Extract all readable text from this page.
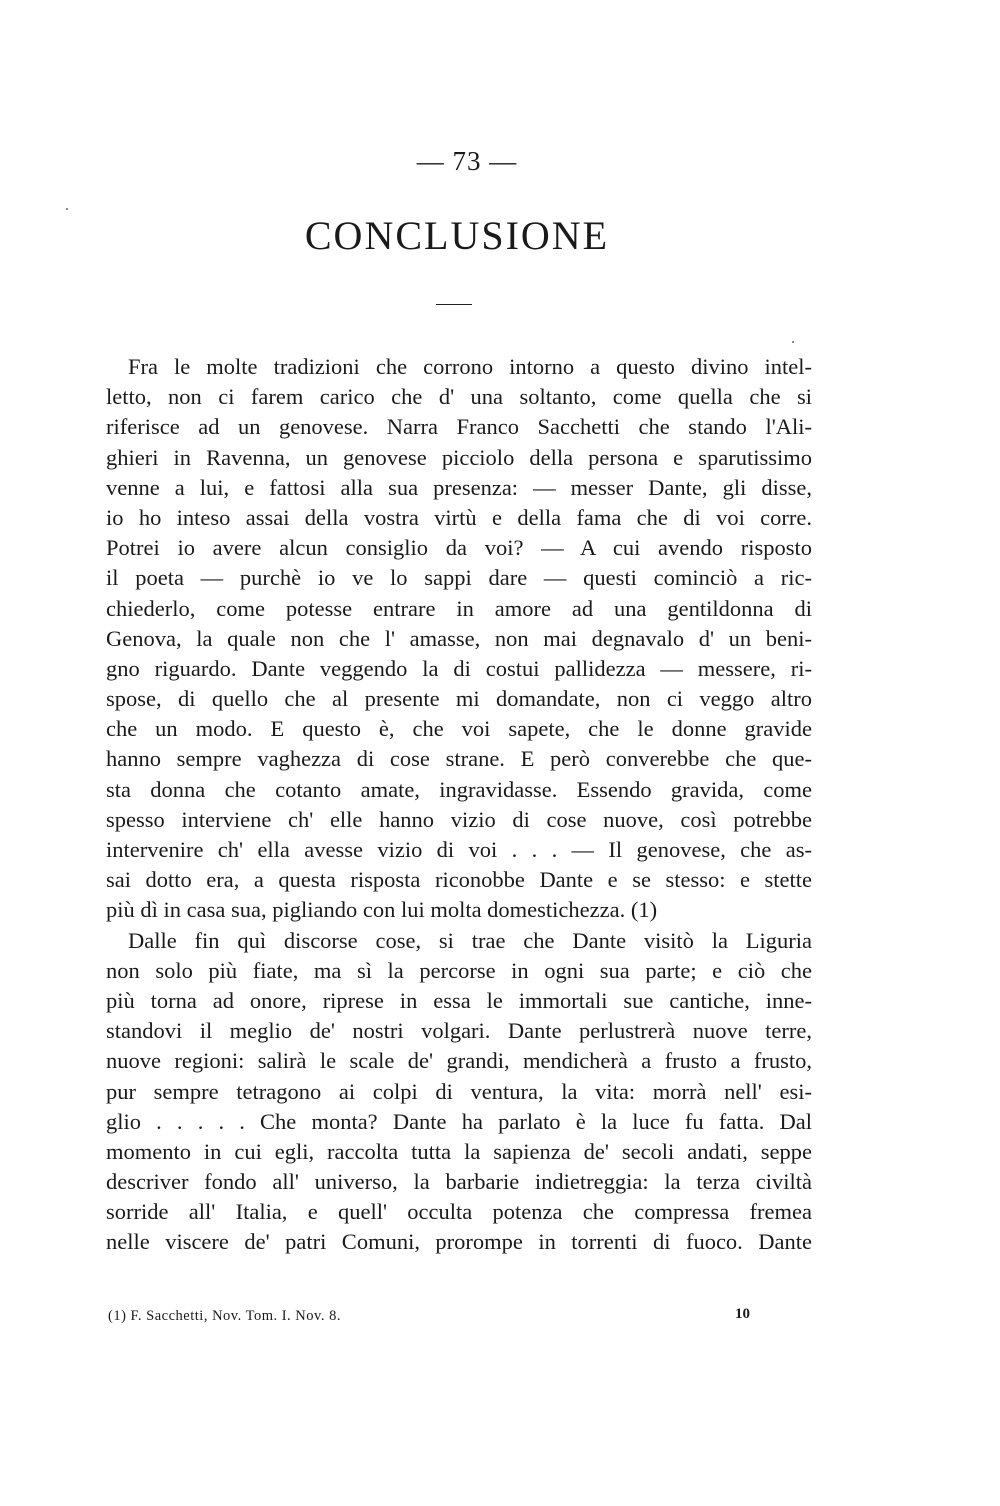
— 73 —
CONCLUSIONE
Fra le molte tradizioni che corrono intorno a questo divino intel-
letto, non ci farem carico che d' una soltanto, come quella che si
riferisce ad un genovese. Narra Franco Sacchetti che stando l'Ali-
ghieri in Ravenna, un genovese picciolo della persona e sparutissimo
venne a lui, e fattosi alla sua presenza: — messer Dante, gli disse,
io ho inteso assai della vostra virtù e della fama che di voi corre.
Potrei io avere alcun consiglio da voi? — A cui avendo risposto
il poeta — purchè io ve lo sappi dare — questi cominciò a ric-
chiederlo, come potesse entrare in amore ad una gentildonna di
Genova, la quale non che l' amasse, non mai degnavalo d' un beni-
gno riguardo. Dante veggendo la di costui pallidezza — messere, ri-
spose, di quello che al presente mi domandate, non ci veggo altro
che un modo. E questo è, che voi sapete, che le donne gravide
hanno sempre vaghezza di cose strane. E però converebbe che que-
sta donna che cotanto amate, ingravidasse. Essendo gravida, come
spesso interviene ch' elle hanno vizio di cose nuove, così potrebbe
intervenire ch' ella avesse vizio di voi . . . — Il genovese, che as-
sai dotto era, a questa risposta riconobbe Dante e se stesso: e stette
più dì in casa sua, pigliando con lui molta domestichezza. (1)
Dalle fin quì discorse cose, si trae che Dante visitò la Liguria
non solo più fiate, ma sì la percorse in ogni sua parte; e ciò che
più torna ad onore, riprese in essa le immortali sue cantiche, inne-
standovi il meglio de' nostri volgari. Dante perlustrerà nuove terre,
nuove regioni: salirà le scale de' grandi, mendicherà a frusto a frusto,
pur sempre tetragono ai colpi di ventura, la vita: morrà nell' esi-
glio . . . . . Che monta? Dante ha parlato è la luce fu fatta. Dal
momento in cui egli, raccolta tutta la sapienza de' secoli andati, seppe
descriver fondo all' universo, la barbarie indietreggia: la terza civiltà
sorride all' Italia, e quell' occulta potenza che compressa fremea
nelle viscere de' patri Comuni, prorompe in torrenti di fuoco. Dante
(1) F. Sacchetti, Nov. Tom. I. Nov. 8.	10
